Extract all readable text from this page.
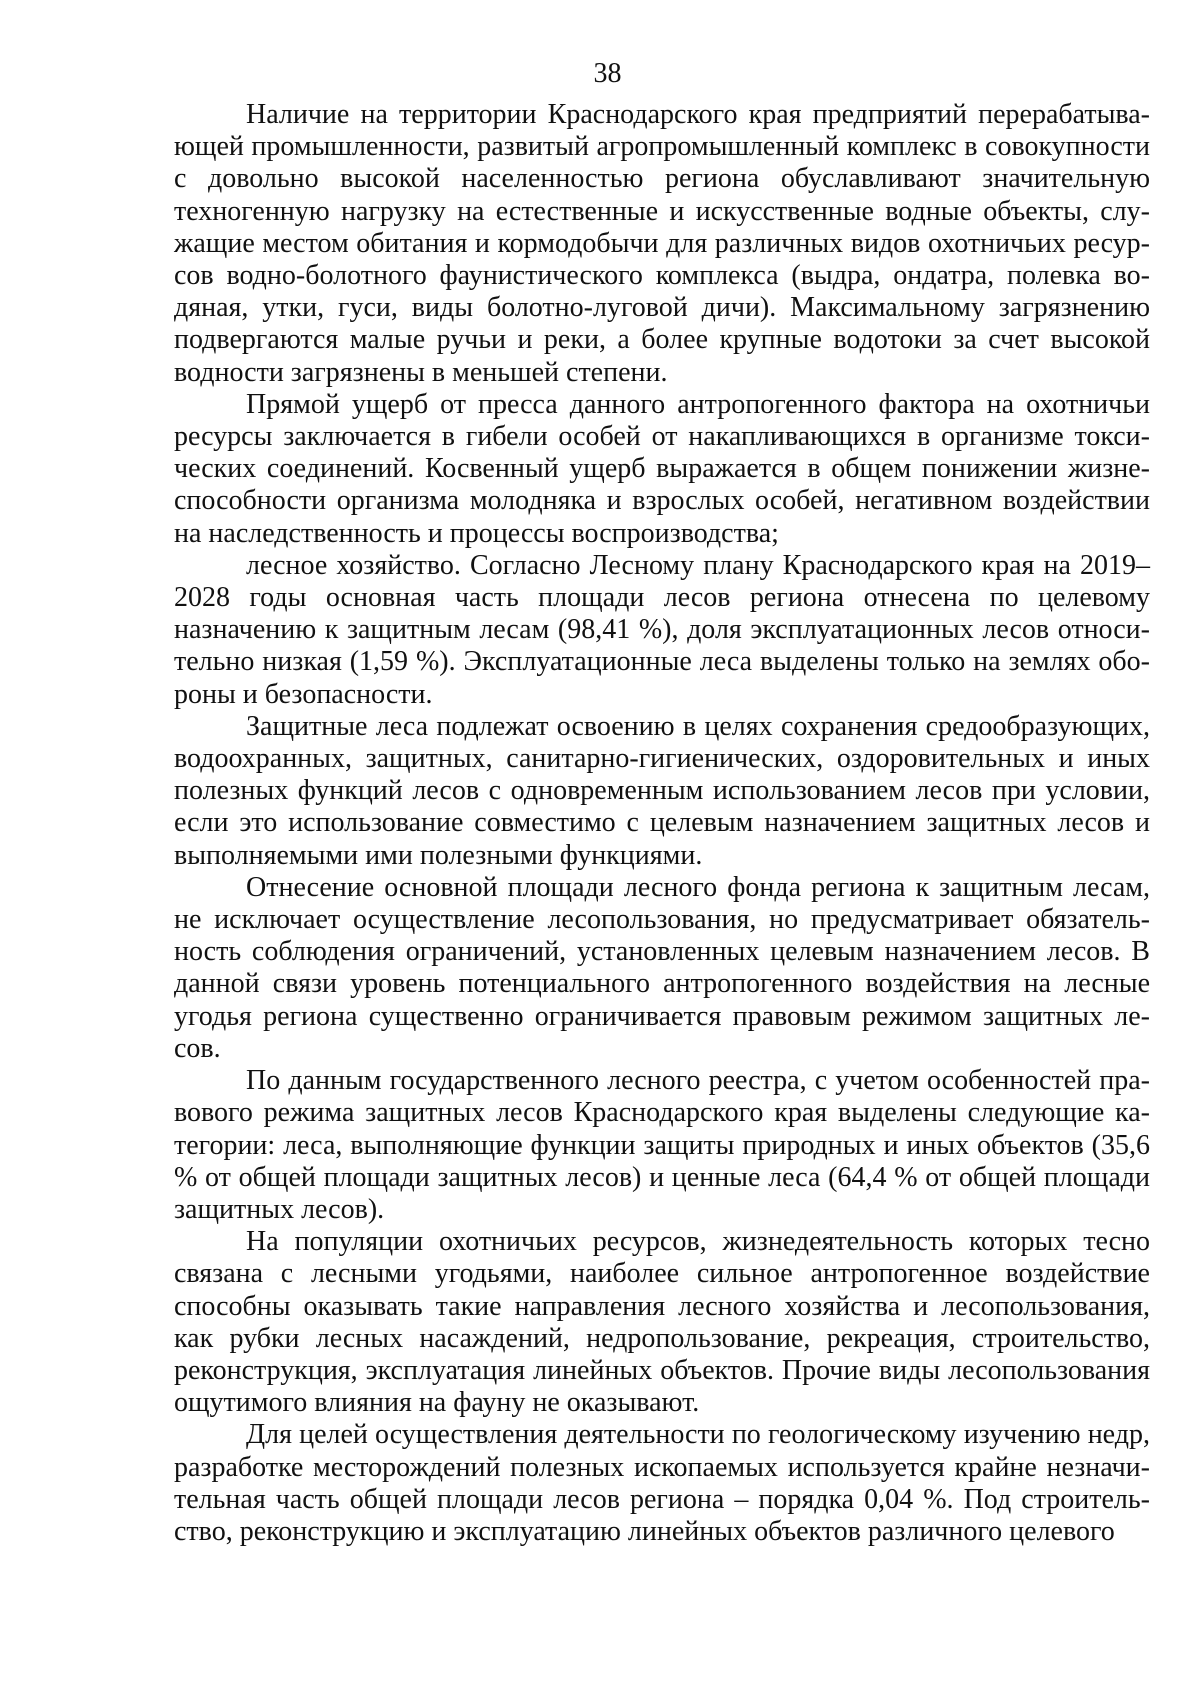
38

Наличие на территории Краснодарского края предприятий перерабатывающей промышленности, развитый агропромышленный комплекс в совокупности с довольно высокой населенностью региона обуславливают значительную техногенную нагрузку на естественные и искусственные водные объекты, служащие местом обитания и кормодобычи для различных видов охотничьих ресурсов водно-болотного фаунистического комплекса (выдра, ондатра, полевка водяная, утки, гуси, виды болотно-луговой дичи). Максимальному загрязнению подвергаются малые ручьи и реки, а более крупные водотоки за счет высокой водности загрязнены в меньшей степени.

Прямой ущерб от пресса данного антропогенного фактора на охотничьи ресурсы заключается в гибели особей от накапливающихся в организме токсических соединений. Косвенный ущерб выражается в общем понижении жизнеспособности организма молодняка и взрослых особей, негативном воздействии на наследственность и процессы воспроизводства;

лесное хозяйство. Согласно Лесному плану Краснодарского края на 2019–2028 годы основная часть площади лесов региона отнесена по целевому назначению к защитным лесам (98,41 %), доля эксплуатационных лесов относительно низкая (1,59 %). Эксплуатационные леса выделены только на землях обороны и безопасности.

Защитные леса подлежат освоению в целях сохранения средообразующих, водоохранных, защитных, санитарно-гигиенических, оздоровительных и иных полезных функций лесов с одновременным использованием лесов при условии, если это использование совместимо с целевым назначением защитных лесов и выполняемыми ими полезными функциями.

Отнесение основной площади лесного фонда региона к защитным лесам, не исключает осуществление лесопользования, но предусматривает обязательность соблюдения ограничений, установленных целевым назначением лесов. В данной связи уровень потенциального антропогенного воздействия на лесные угодья региона существенно ограничивается правовым режимом защитных лесов.

По данным государственного лесного реестра, с учетом особенностей правового режима защитных лесов Краснодарского края выделены следующие категории: леса, выполняющие функции защиты природных и иных объектов (35,6 % от общей площади защитных лесов) и ценные леса (64,4 % от общей площади защитных лесов).

На популяции охотничьих ресурсов, жизнедеятельность которых тесно связана с лесными угодьями, наиболее сильное антропогенное воздействие способны оказывать такие направления лесного хозяйства и лесопользования, как рубки лесных насаждений, недропользование, рекреация, строительство, реконструкция, эксплуатация линейных объектов. Прочие виды лесопользования ощутимого влияния на фауну не оказывают.

Для целей осуществления деятельности по геологическому изучению недр, разработке месторождений полезных ископаемых используется крайне незначительная часть общей площади лесов региона – порядка 0,04 %. Под строительство, реконструкцию и эксплуатацию линейных объектов различного целевого
